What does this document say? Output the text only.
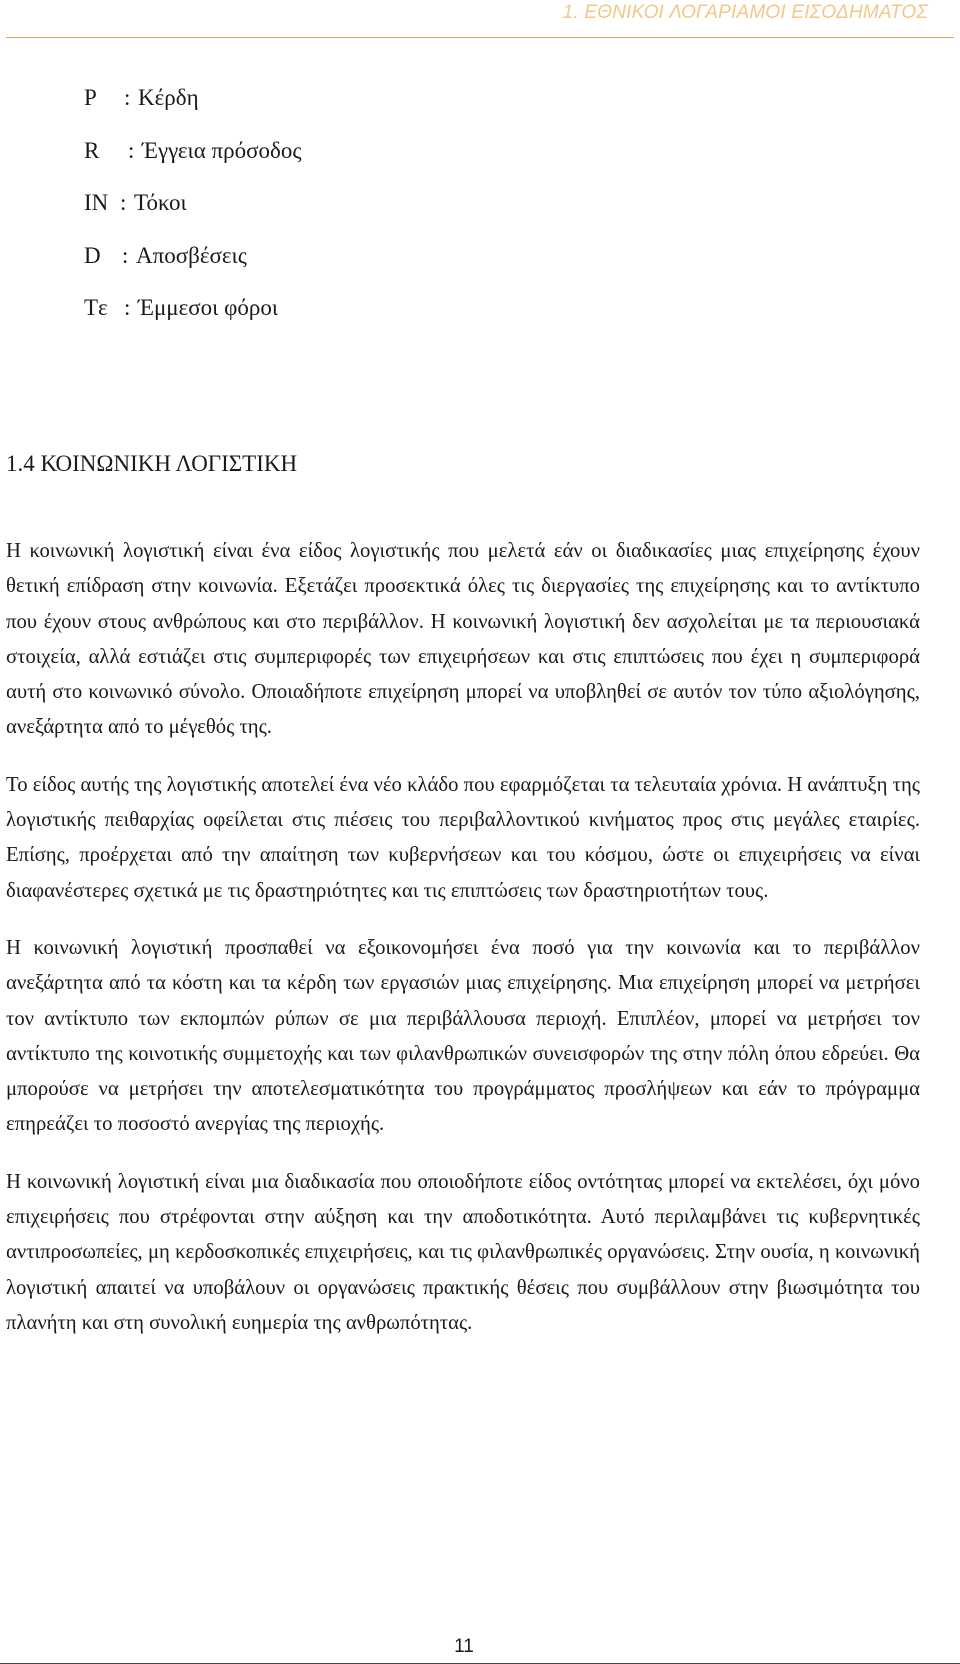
1. ΕΘΝΙΚΟΙ ΛΟΓΑΡΙΑΜΟΙ ΕΙΣΟΔΗΜΑΤΟΣ
P	: Κέρδη
R	: Έγγεια πρόσοδος
IN : Τόκοι
D : Αποσβέσεις
Tε : Έμμεσοι φόροι
1.4 ΚΟΙΝΩΝΙΚΗ ΛΟΓΙΣΤΙΚΗ

Η κοινωνική λογιστική είναι ένα είδος λογιστικής που μελετά εάν οι διαδικασίες μιας επιχείρησης έχουν θετική επίδραση στην κοινωνία. Εξετάζει προσεκτικά όλες τις διεργασίες της επιχείρησης και το αντίκτυπο που έχουν στους ανθρώπους και στο περιβάλλον. Η κοινωνική λογιστική δεν ασχολείται με τα περιουσιακά στοιχεία, αλλά εστιάζει στις συμπεριφορές των επιχειρήσεων και στις επιπτώσεις που έχει η συμπεριφορά αυτή στο κοινωνικό σύνολο. Οποιαδήποτε επιχείρηση μπορεί να υποβληθεί σε αυτόν τον τύπο αξιολόγησης, ανεξάρτητα από το μέγεθός της.

Το είδος αυτής της λογιστικής αποτελεί ένα νέο κλάδο που εφαρμόζεται τα τελευταία χρόνια. Η ανάπτυξη της λογιστικής πειθαρχίας οφείλεται στις πιέσεις του περιβαλλοντικού κινήματος προς στις μεγάλες εταιρίες. Επίσης, προέρχεται από την απαίτηση των κυβερνήσεων και του κόσμου, ώστε οι επιχειρήσεις να είναι διαφανέστερες σχετικά με τις δραστηριότητες και τις επιπτώσεις των δραστηριοτήτων τους.

Η κοινωνική λογιστική προσπαθεί να εξοικονομήσει ένα ποσό για την κοινωνία και το περιβάλλον ανεξάρτητα από τα κόστη και τα κέρδη των εργασιών μιας επιχείρησης. Μια επιχείρηση μπορεί να μετρήσει τον αντίκτυπο των εκπομπών ρύπων σε μια περιβάλλουσα περιοχή. Επιπλέον, μπορεί να μετρήσει τον αντίκτυπο της κοινοτικής συμμετοχής και των φιλανθρωπικών συνεισφορών της στην πόλη όπου εδρεύει. Θα μπορούσε να μετρήσει την αποτελεσματικότητα του προγράμματος προσλήψεων και εάν το πρόγραμμα επηρεάζει το ποσοστό ανεργίας της περιοχής.

Η κοινωνική λογιστική είναι μια διαδικασία που οποιοδήποτε είδος οντότητας μπορεί να εκτελέσει, όχι μόνο επιχειρήσεις που στρέφονται στην αύξηση και την αποδοτικότητα. Αυτό περιλαμβάνει τις κυβερνητικές αντιπροσωπείες, μη κερδοσκοπικές επιχειρήσεις, και τις φιλανθρωπικές οργανώσεις. Στην ουσία, η κοινωνική λογιστική απαιτεί να υποβάλουν οι οργανώσεις πρακτικής θέσεις που συμβάλλουν στην βιωσιμότητα του πλανήτη και στη συνολική ευημερία της ανθρωπότητας.

11
